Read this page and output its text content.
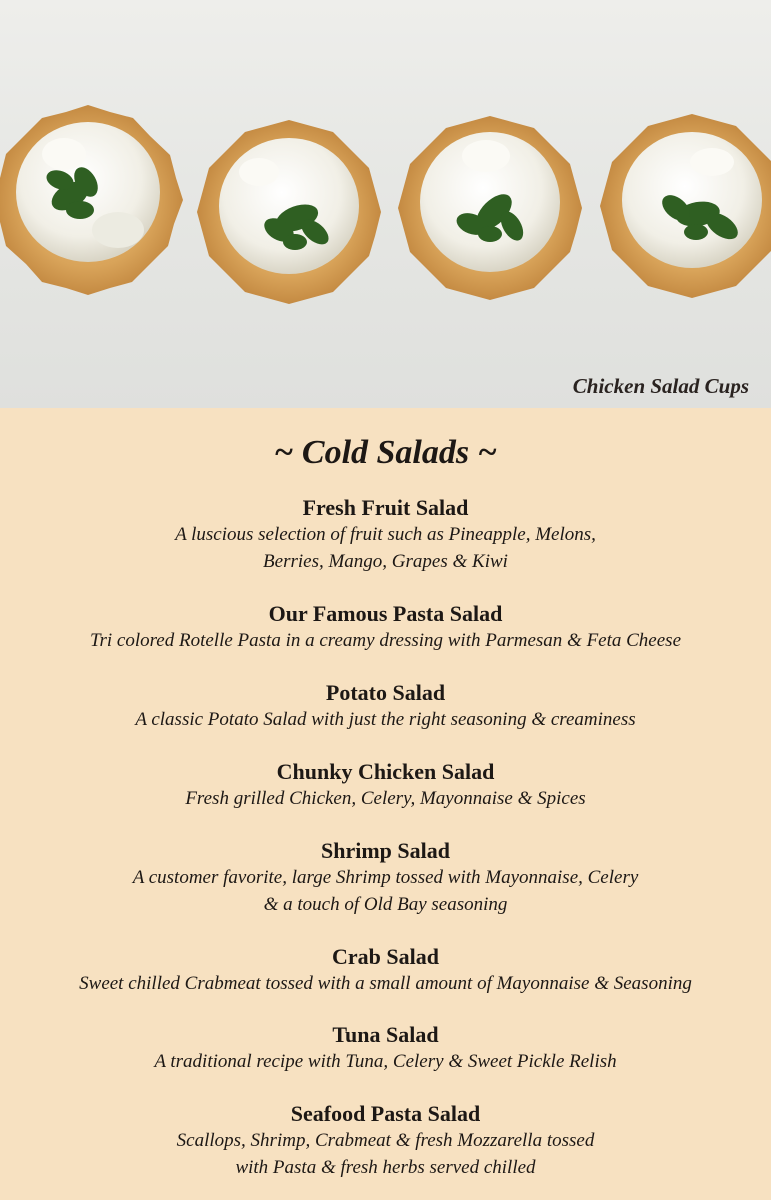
Chicken Salad Cups
~ Cold Salads ~
Fresh Fruit Salad
A luscious selection of fruit such as Pineapple, Melons,
Berries, Mango, Grapes & Kiwi
Our Famous Pasta Salad
Tri colored Rotelle Pasta in a creamy dressing with Parmesan & Feta Cheese
Potato Salad
A classic Potato Salad with just the right seasoning & creaminess
Chunky Chicken Salad
Fresh grilled Chicken, Celery, Mayonnaise & Spices
Shrimp Salad
A customer favorite, large Shrimp tossed with Mayonnaise, Celery
& a touch of Old Bay seasoning
Crab Salad
Sweet chilled Crabmeat tossed with a small amount of Mayonnaise & Seasoning
Tuna Salad
A traditional recipe with Tuna, Celery & Sweet Pickle Relish
Seafood Pasta Salad
Scallops, Shrimp, Crabmeat & fresh Mozzarella tossed
with Pasta & fresh herbs served chilled
